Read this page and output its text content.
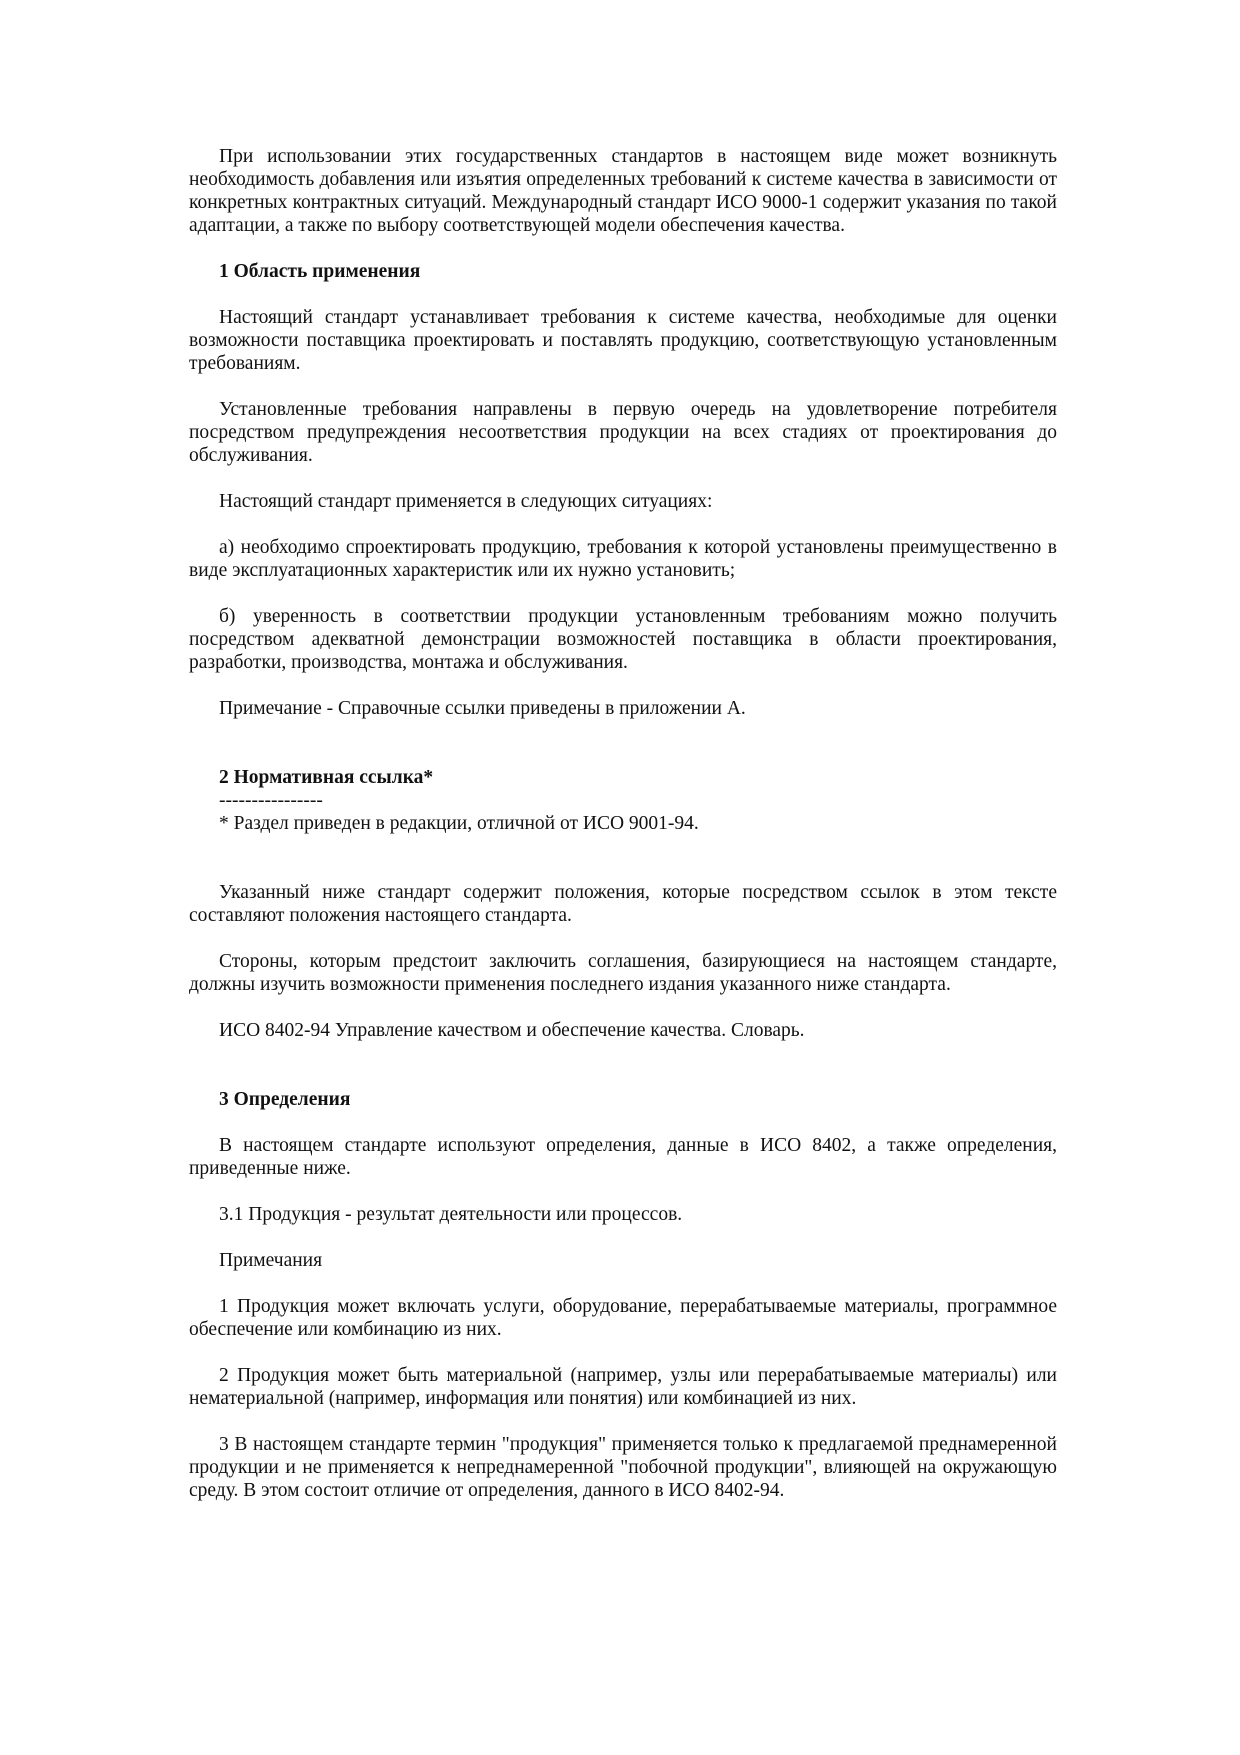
При использовании этих государственных стандартов в настоящем виде может возникнуть необходимость добавления или изъятия определенных требований к системе качества в зависимости от конкретных контрактных ситуаций. Международный стандарт ИСО 9000-1 содержит указания по такой адаптации, а также по выбору соответствующей модели обеспечения качества.

1 Область применения

Настоящий стандарт устанавливает требования к системе качества, необходимые для оценки возможности поставщика проектировать и поставлять продукцию, соответствующую установленным требованиям.

Установленные требования направлены в первую очередь на удовлетворение потребителя посредством предупреждения несоответствия продукции на всех стадиях от проектирования до обслуживания.

Настоящий стандарт применяется в следующих ситуациях:

а) необходимо спроектировать продукцию, требования к которой установлены преимущественно в виде эксплуатационных характеристик или их нужно установить;

б) уверенность в соответствии продукции установленным требованиям можно получить посредством адекватной демонстрации возможностей поставщика в области проектирования, разработки, производства, монтажа и обслуживания.

Примечание - Справочные ссылки приведены в приложении А.

2 Нормативная ссылка*

----------------

* Раздел приведен в редакции, отличной от ИСО 9001-94.

Указанный ниже стандарт содержит положения, которые посредством ссылок в этом тексте составляют положения настоящего стандарта.

Стороны, которым предстоит заключить соглашения, базирующиеся на настоящем стандарте, должны изучить возможности применения последнего издания указанного ниже стандарта.

ИСО 8402-94 Управление качеством и обеспечение качества. Словарь.

3 Определения

В настоящем стандарте используют определения, данные в ИСО 8402, а также определения, приведенные ниже.

3.1 Продукция - результат деятельности или процессов.

Примечания

1 Продукция может включать услуги, оборудование, перерабатываемые материалы, программное обеспечение или комбинацию из них.

2 Продукция может быть материальной (например, узлы или перерабатываемые материалы) или нематериальной (например, информация или понятия) или комбинацией из них.

3 В настоящем стандарте термин "продукция" применяется только к предлагаемой преднамеренной продукции и не применяется к непреднамеренной "побочной продукции", влияющей на окружающую среду. В этом состоит отличие от определения, данного в ИСО 8402-94.
